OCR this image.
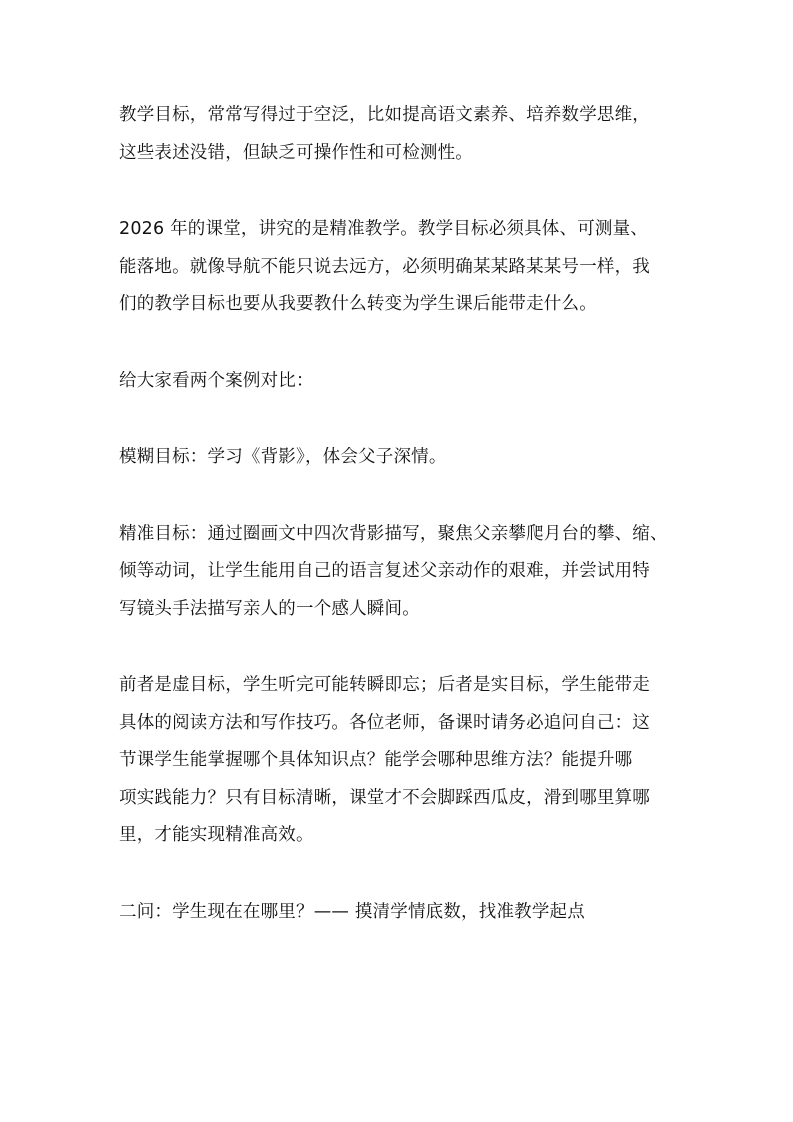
教学目标，常常写得过于空泛，比如提高语文素养、培养数学思维，
这些表述没错，但缺乏可操作性和可检测性。

2026 年的课堂，讲究的是精准教学。教学目标必须具体、可测量、
能落地。就像导航不能只说去远方，必须明确某某路某某号一样，我
们的教学目标也要从我要教什么转变为学生课后能带走什么。

给大家看两个案例对比：

模糊目标：学习《背影》，体会父子深情。

精准目标：通过圈画文中四次背影描写，聚焦父亲攀爬月台的攀、缩、
倾等动词，让学生能用自己的语言复述父亲动作的艰难，并尝试用特
写镜头手法描写亲人的一个感人瞬间。

前者是虚目标，学生听完可能转瞬即忘；后者是实目标，学生能带走
具体的阅读方法和写作技巧。各位老师，备课时请务必追问自己：这
节课学生能掌握哪个具体知识点？能学会哪种思维方法？能提升哪
项实践能力？只有目标清晰，课堂才不会脚踩西瓜皮，滑到哪里算哪
里，才能实现精准高效。

二问：学生现在在哪里？—— 摸清学情底数，找准教学起点
